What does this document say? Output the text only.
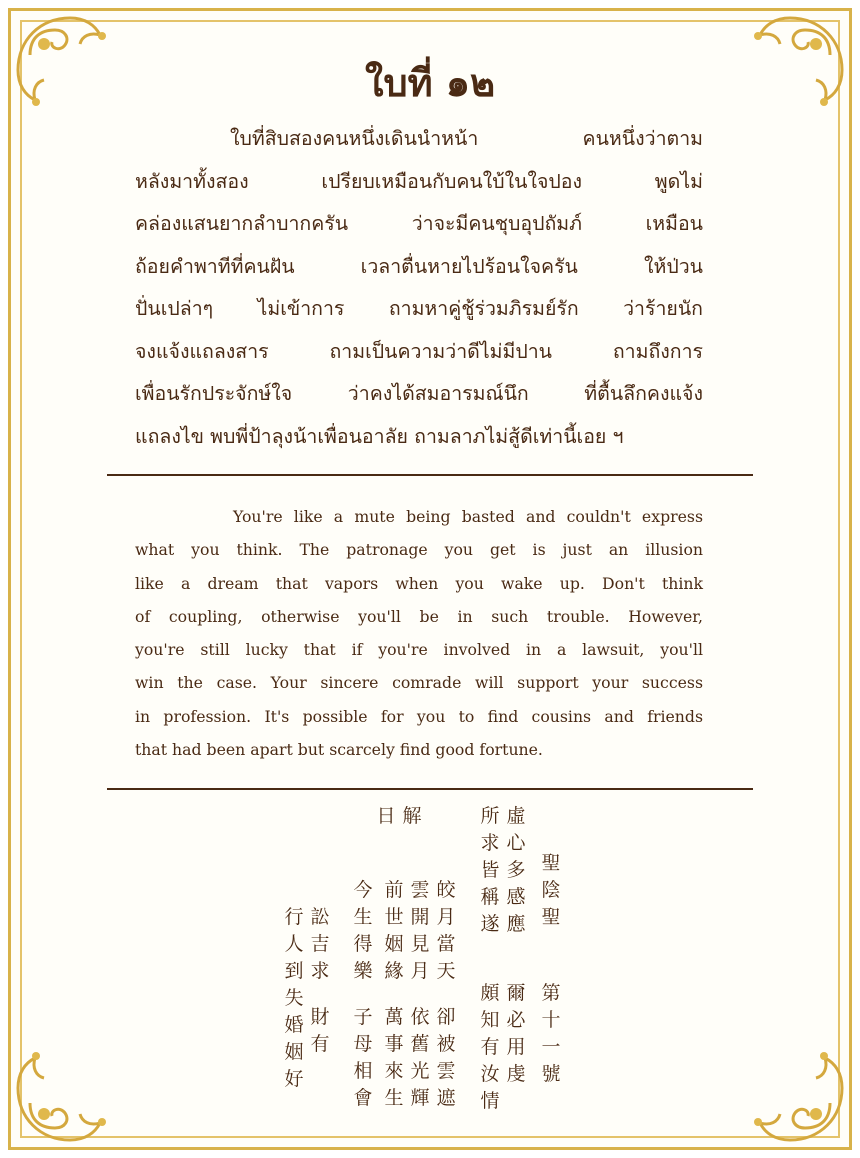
ใบที่ ๑๒
ใบที่สิบสองคนหนึ่งเดินนำหน้า คนหนึ่งว่าตาม
หลังมาทั้งสอง เปรียบเหมือนกับคนใบ้ในใจปอง พูดไม่
คล่องแสนยากลำบากครัน ว่าจะมีคนชุบอุปถัมภ์ เหมือน
ถ้อยคำพาทีที่คนฝัน เวลาตื่นหายไปร้อนใจครัน ให้ป่วน
ปั่นเปล่าๆ ไม่เข้าการ ถามหาคู่ชู้ร่วมภิรมย์รัก ว่าร้ายนัก
จงแจ้งแถลงสาร ถามเป็นความว่าดีไม่มีปาน ถามถึงการ
เพื่อนรักประจักษ์ใจ ว่าคงได้สมอารมณ์นึก ที่ตื้นลึกคงแจ้ง
แถลงไข พบพี่ป้าลุงน้าเพื่อนอาลัย ถามลาภไม่สู้ดีเท่านี้เอย ฯ
You're like a mute being basted and couldn't express
what you think. The patronage you get is just an illusion
like a dream that vapors when you wake up. Don't think
of coupling, otherwise you'll be in such trouble. However,
you're still lucky that if you're involved in a lawsuit, you'll
win the case. Your sincere comrade will support your success
in profession. It's possible for you to find cousins and friends
that had been apart but scarcely find good fortune.
第十一號
聖陰聖
爾必用虔
多感應
頗知有汝情
虛心
所求皆稱遂
皎月當天
卻被雲遮
雲開見月
依舊光輝
前世姻緣
萬事來生
今生得樂
子母相會
解
日
訟吉求
財有
行人到失婚姻好
